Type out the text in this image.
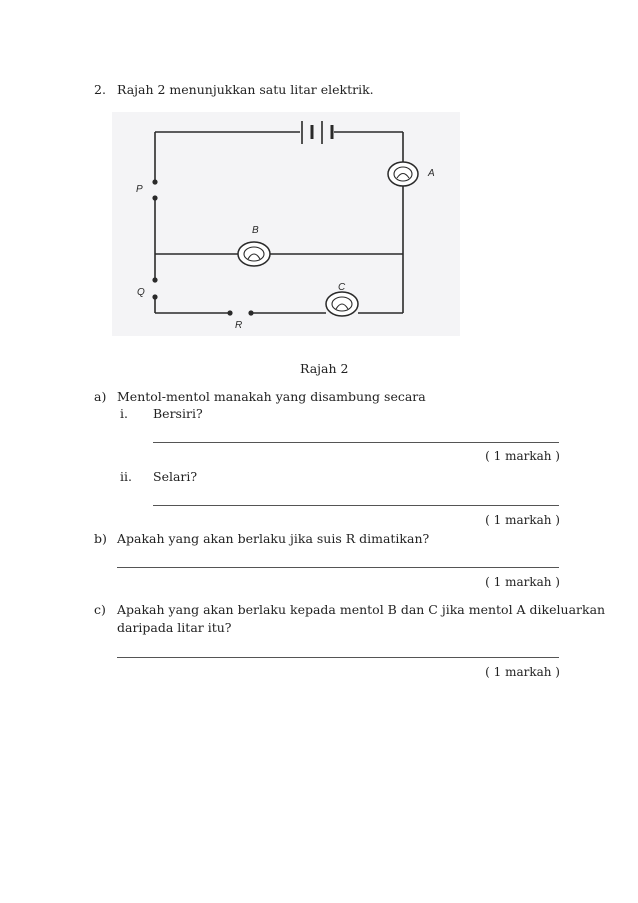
2. Rajah 2 menunjukkan satu litar elektrik.
A
B
C
P
Q
R
Rajah 2
a) Mentol-mentol manakah yang disambung secara
i. Bersiri?
( 1 markah )
ii. Selari?
( 1 markah )
b) Apakah yang akan berlaku jika suis R dimatikan?
( 1 markah )
c) Apakah yang akan berlaku kepada mentol B dan C jika mentol A dikeluarkan
daripada litar itu?
( 1 markah )
